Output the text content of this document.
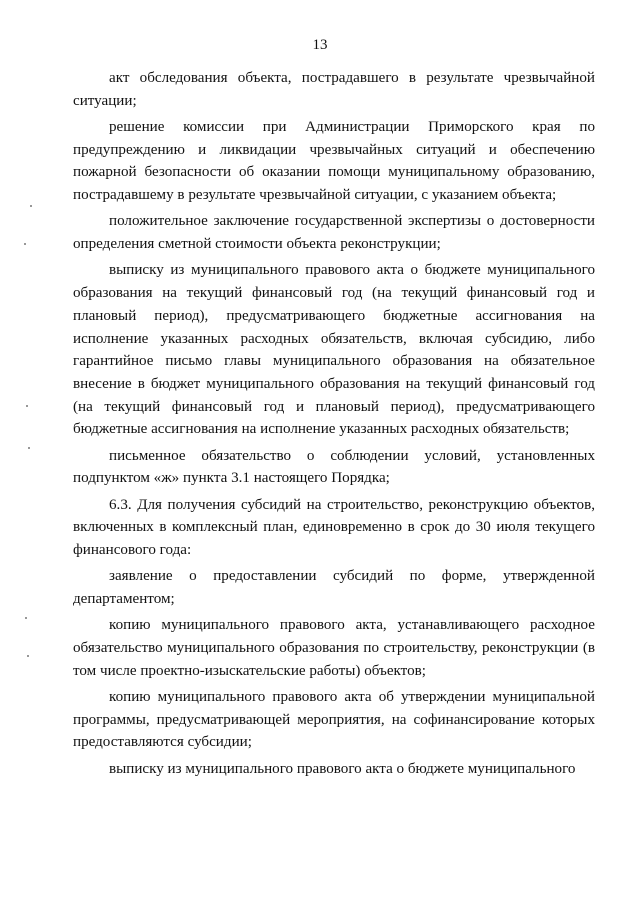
13

акт обследования объекта, пострадавшего в результате чрезвычайной ситуации;

решение комиссии при Администрации Приморского края по предупреждению и ликвидации чрезвычайных ситуаций и обеспечению пожарной безопасности об оказании помощи муниципальному образованию, пострадавшему в результате чрезвычайной ситуации, с указанием объекта;

положительное заключение государственной экспертизы о достоверности определения сметной стоимости объекта реконструкции;

выписку из муниципального правового акта о бюджете муниципального образования на текущий финансовый год (на текущий финансовый год и плановый период), предусматривающего бюджетные ассигнования на исполнение указанных расходных обязательств, включая субсидию, либо гарантийное письмо главы муниципального образования на обязательное внесение в бюджет муниципального образования на текущий финансовый год (на текущий финансовый год и плановый период), предусматривающего бюджетные ассигнования на исполнение указанных расходных обязательств;

письменное обязательство о соблюдении условий, установленных подпунктом «ж» пункта 3.1 настоящего Порядка;

6.3. Для получения субсидий на строительство, реконструкцию объектов, включенных в комплексный план, единовременно в срок до 30 июля текущего финансового года:

заявление о предоставлении субсидий по форме, утвержденной департаментом;

копию муниципального правового акта, устанавливающего расходное обязательство муниципального образования по строительству, реконструкции (в том числе проектно-изыскательские работы) объектов;

копию муниципального правового акта об утверждении муниципальной программы, предусматривающей мероприятия, на софинансирование которых предоставляются субсидии;

выписку из муниципального правового акта о бюджете муниципального
